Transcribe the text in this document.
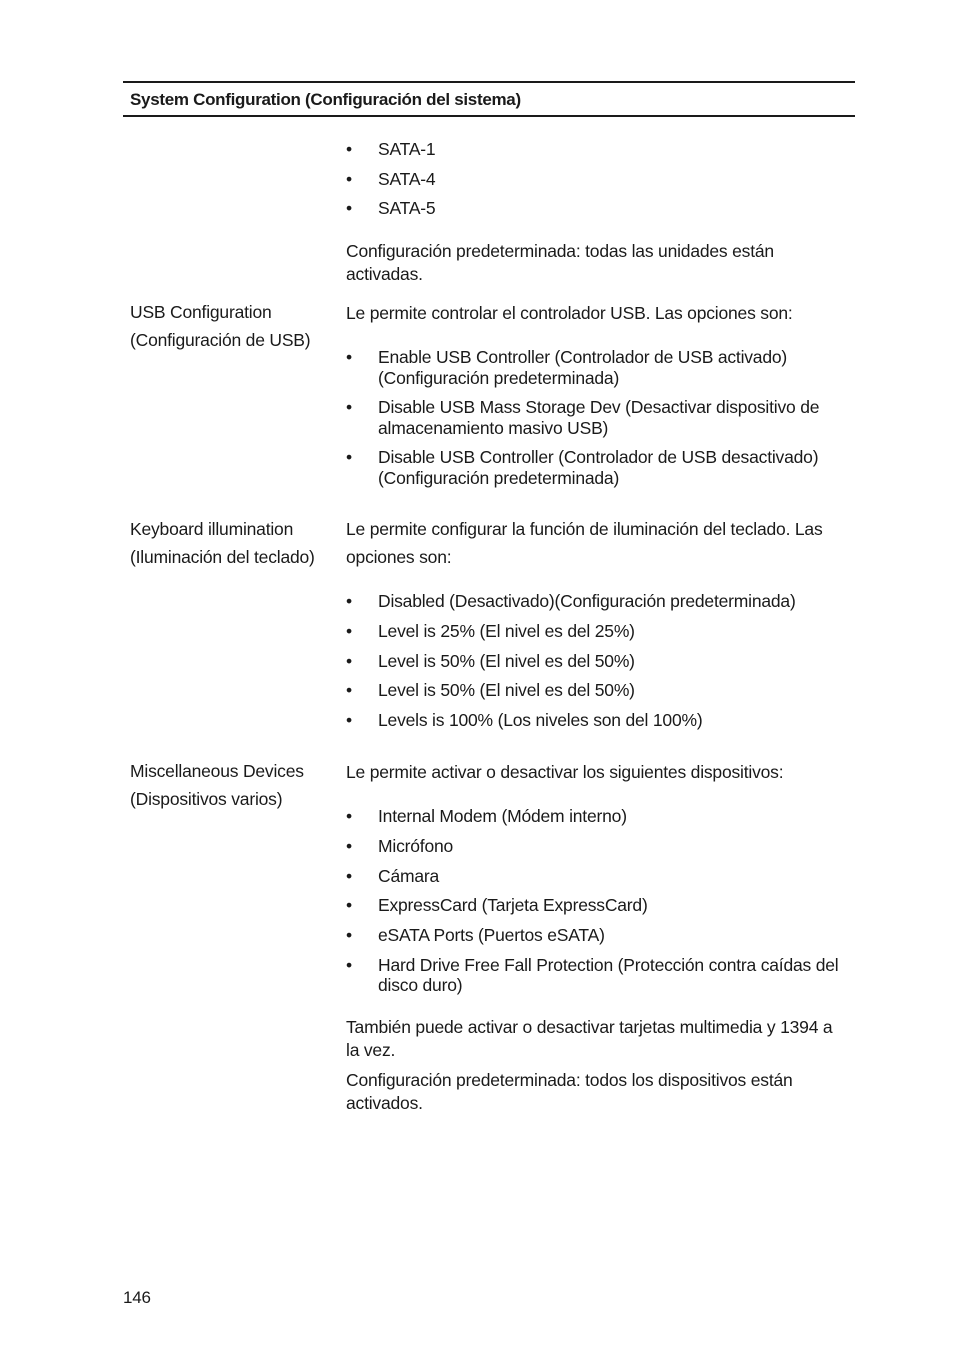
System Configuration (Configuración del sistema)
• SATA-1
• SATA-4
• SATA-5

Configuración predeterminada: todas las unidades están activadas.

USB Configuration (Configuración de USB)

Le permite controlar el controlador USB. Las opciones son:

• Enable USB Controller (Controlador de USB activado) (Configuración predeterminada)
• Disable USB Mass Storage Dev (Desactivar dispositivo de almacenamiento masivo USB)
• Disable USB Controller (Controlador de USB desactivado)(Configuración predeterminada)
Keyboard illumination (Iluminación del teclado)

Le permite configurar la función de iluminación del teclado. Las opciones son:

• Disabled (Desactivado)(Configuración predeterminada)
• Level is 25% (El nivel es del 25%)
• Level is 50% (El nivel es del 50%)
• Level is 50% (El nivel es del 50%)
• Levels is 100% (Los niveles son del 100%)
Miscellaneous Devices (Dispositivos varios)

Le permite activar o desactivar los siguientes dispositivos:

• Internal Modem (Módem interno)
• Micrófono
• Cámara
• ExpressCard (Tarjeta ExpressCard)
• eSATA Ports (Puertos eSATA)
• Hard Drive Free Fall Protection (Protección contra caídas del disco duro)

También puede activar o desactivar tarjetas multimedia y 1394 a la vez.

Configuración predeterminada: todos los dispositivos están activados.

146
